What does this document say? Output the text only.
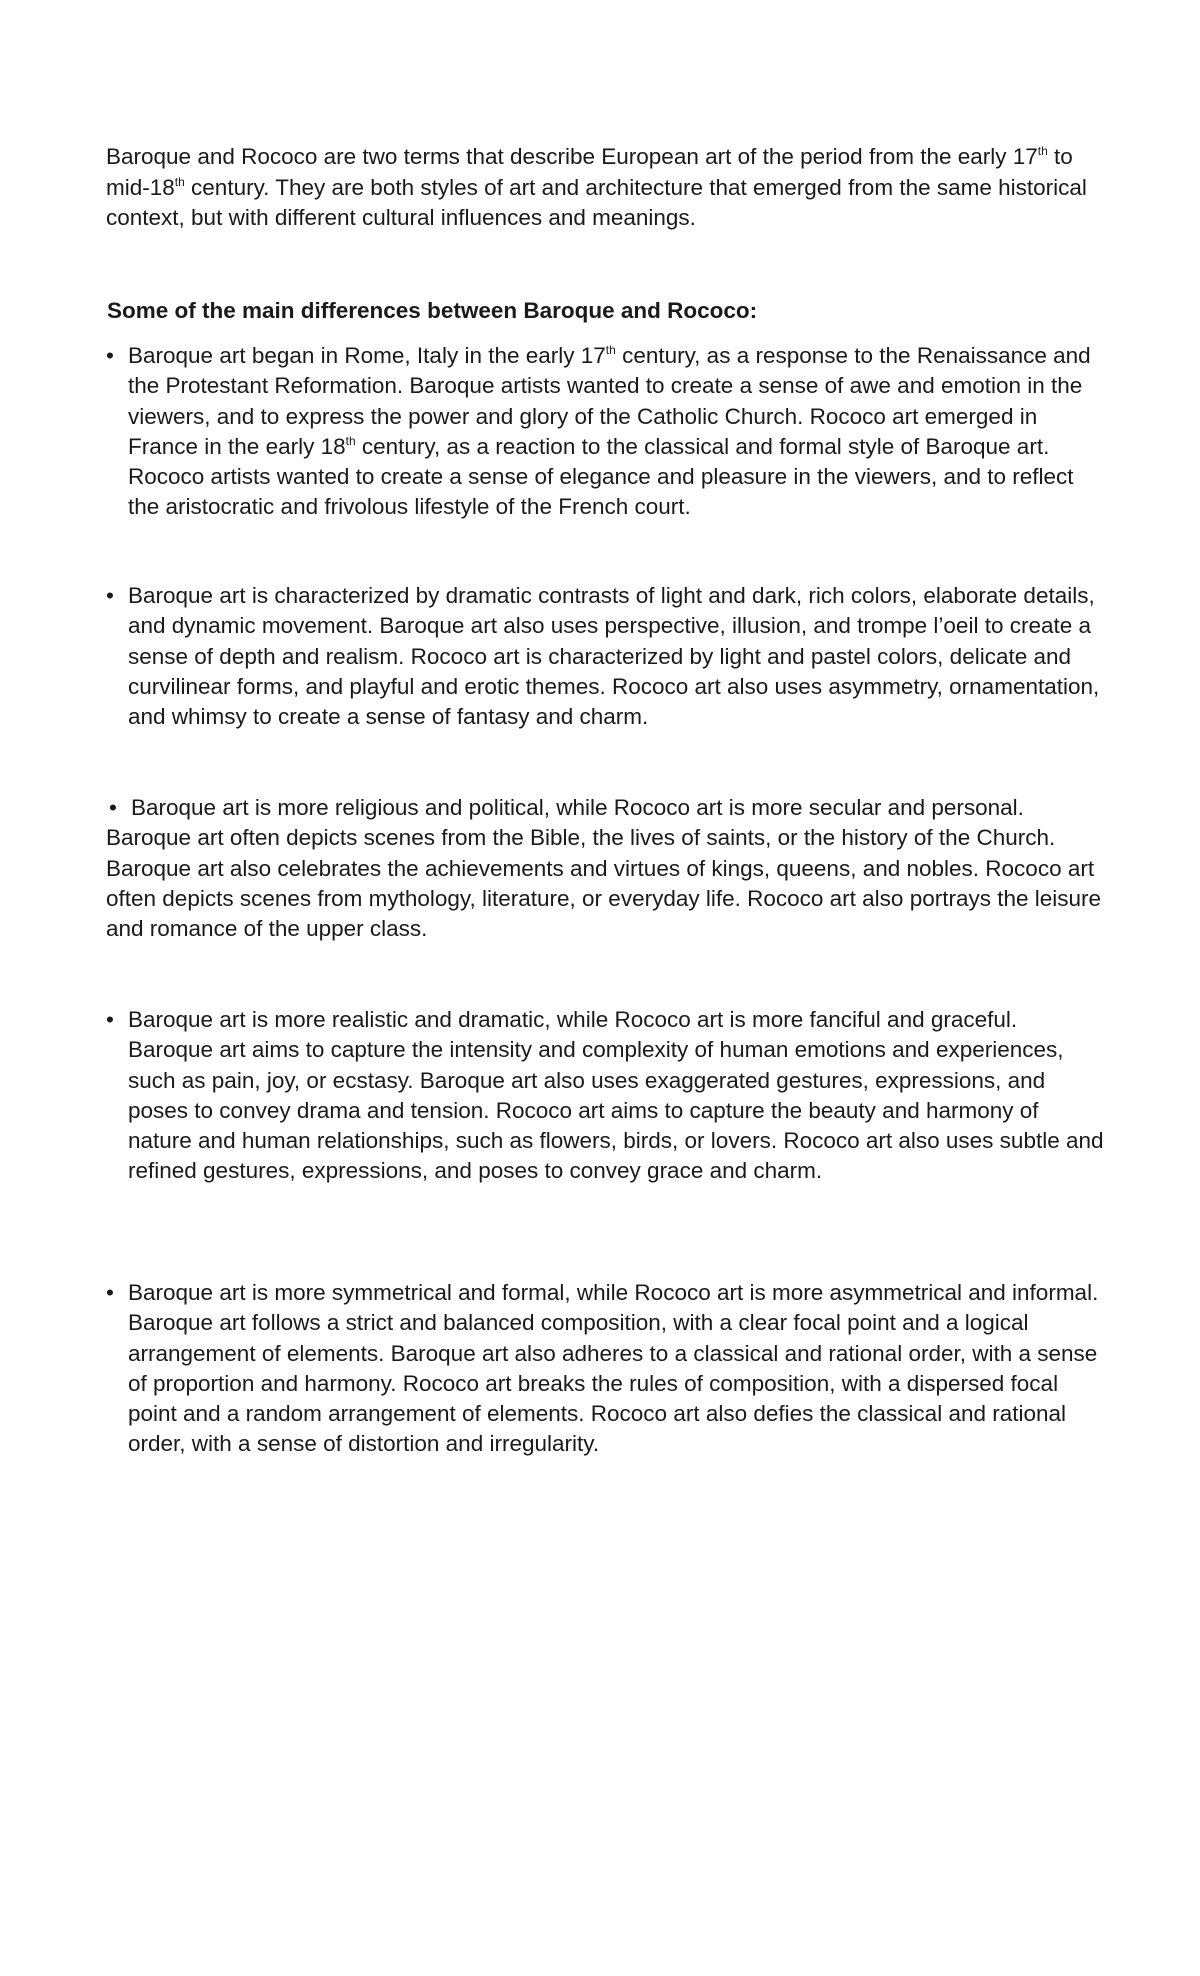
Baroque and Rococo are two terms that describe European art of the period from the early 17th to mid-18th century. They are both styles of art and architecture that emerged from the same historical context, but with different cultural influences and meanings.

Some of the main differences between Baroque and Rococo:

• Baroque art began in Rome, Italy in the early 17th century, as a response to the Renaissance and the Protestant Reformation. Baroque artists wanted to create a sense of awe and emotion in the viewers, and to express the power and glory of the Catholic Church. Rococo art emerged in France in the early 18th century, as a reaction to the classical and formal style of Baroque art. Rococo artists wanted to create a sense of elegance and pleasure in the viewers, and to reflect the aristocratic and frivolous lifestyle of the French court.

• Baroque art is characterized by dramatic contrasts of light and dark, rich colors, elaborate details, and dynamic movement. Baroque art also uses perspective, illusion, and trompe l’oeil to create a sense of depth and realism. Rococo art is characterized by light and pastel colors, delicate and curvilinear forms, and playful and erotic themes. Rococo art also uses asymmetry, ornamentation, and whimsy to create a sense of fantasy and charm.

• Baroque art is more religious and political, while Rococo art is more secular and personal. Baroque art often depicts scenes from the Bible, the lives of saints, or the history of the Church. Baroque art also celebrates the achievements and virtues of kings, queens, and nobles. Rococo art often depicts scenes from mythology, literature, or everyday life. Rococo art also portrays the leisure and romance of the upper class.

• Baroque art is more realistic and dramatic, while Rococo art is more fanciful and graceful. Baroque art aims to capture the intensity and complexity of human emotions and experiences, such as pain, joy, or ecstasy. Baroque art also uses exaggerated gestures, expressions, and poses to convey drama and tension. Rococo art aims to capture the beauty and harmony of nature and human relationships, such as flowers, birds, or lovers. Rococo art also uses subtle and refined gestures, expressions, and poses to convey grace and charm.

• Baroque art is more symmetrical and formal, while Rococo art is more asymmetrical and informal. Baroque art follows a strict and balanced composition, with a clear focal point and a logical arrangement of elements. Baroque art also adheres to a classical and rational order, with a sense of proportion and harmony. Rococo art breaks the rules of composition, with a dispersed focal point and a random arrangement of elements. Rococo art also defies the classical and rational order, with a sense of distortion and irregularity.
